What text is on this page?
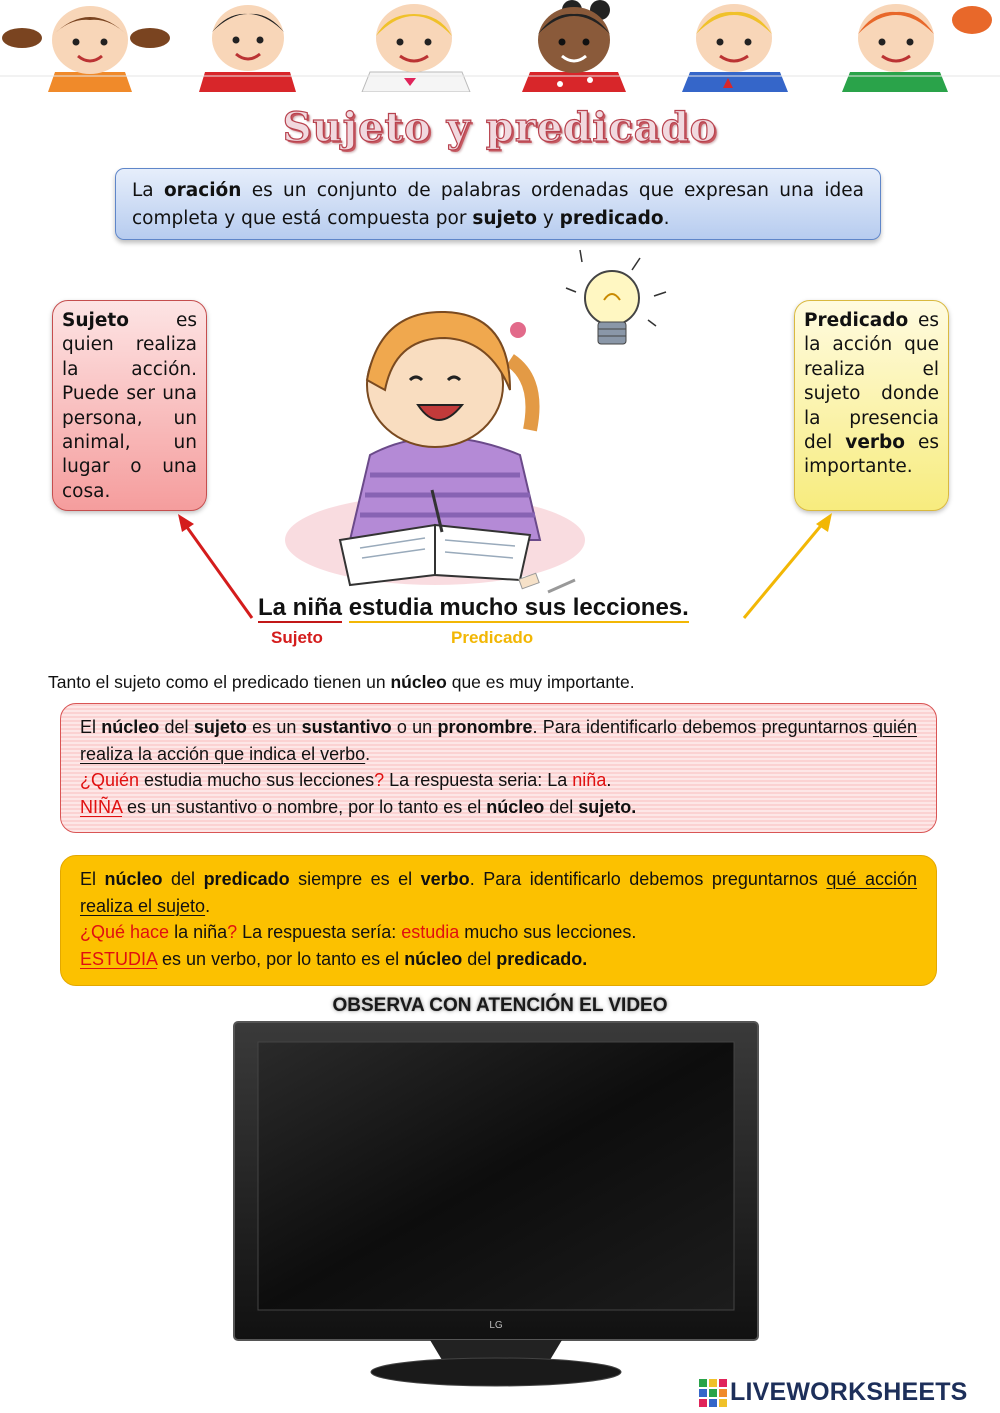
Sujeto y predicado
La oración es un conjunto de palabras ordenadas que expresan una idea completa y que está compuesta por sujeto y predicado.
Sujeto es quien realiza la acción. Puede ser una persona, un animal, un lugar o una cosa.
Predicado es la acción que realiza el sujeto donde la presencia del verbo es importante.
La niña estudia mucho sus lecciones.
Sujeto	Predicado
Tanto el sujeto como el predicado tienen un núcleo que es muy importante.
El núcleo del sujeto es un sustantivo o un pronombre. Para identificarlo debemos preguntarnos quién realiza la acción que indica el verbo.
¿Quién estudia mucho sus lecciones? La respuesta seria: La niña.
NIÑA es un sustantivo o nombre, por lo tanto es el núcleo del sujeto.
El núcleo del predicado siempre es el verbo. Para identificarlo debemos preguntarnos qué acción realiza el sujeto.
¿Qué hace la niña? La respuesta sería: estudia mucho sus lecciones.
ESTUDIA es un verbo, por lo tanto es el núcleo del predicado.
OBSERVA CON ATENCIÓN EL VIDEO
LG
LIVEWORKSHEETS
